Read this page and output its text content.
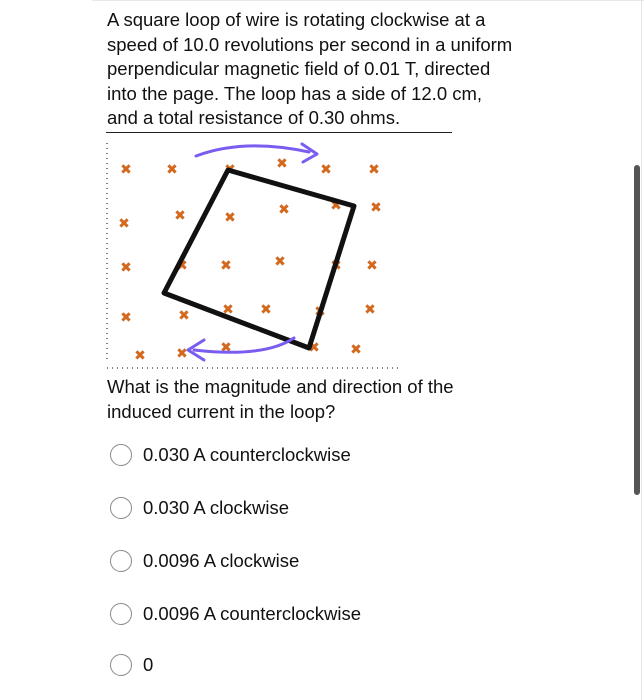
A square loop of wire is rotating clockwise at a
speed of 10.0 revolutions per second in a uniform
perpendicular magnetic field of 0.01 T, directed
into the page. The loop has a side of 12.0 cm,
and a total resistance of 0.30 ohms.
✖ ✖	✖	✖ ✖	✖
✖	✖	✖	✖	✖ ✖
✖	✖ ✖	✖	✖ ✖
✖	✖ ✖ ✖	✖	✖
✖ ✖ ✖	✖ ✖
What is the magnitude and direction of the
induced current in the loop?
0.030 A counterclockwise
0.030 A clockwise
0.0096 A clockwise
0.0096 A counterclockwise
0
